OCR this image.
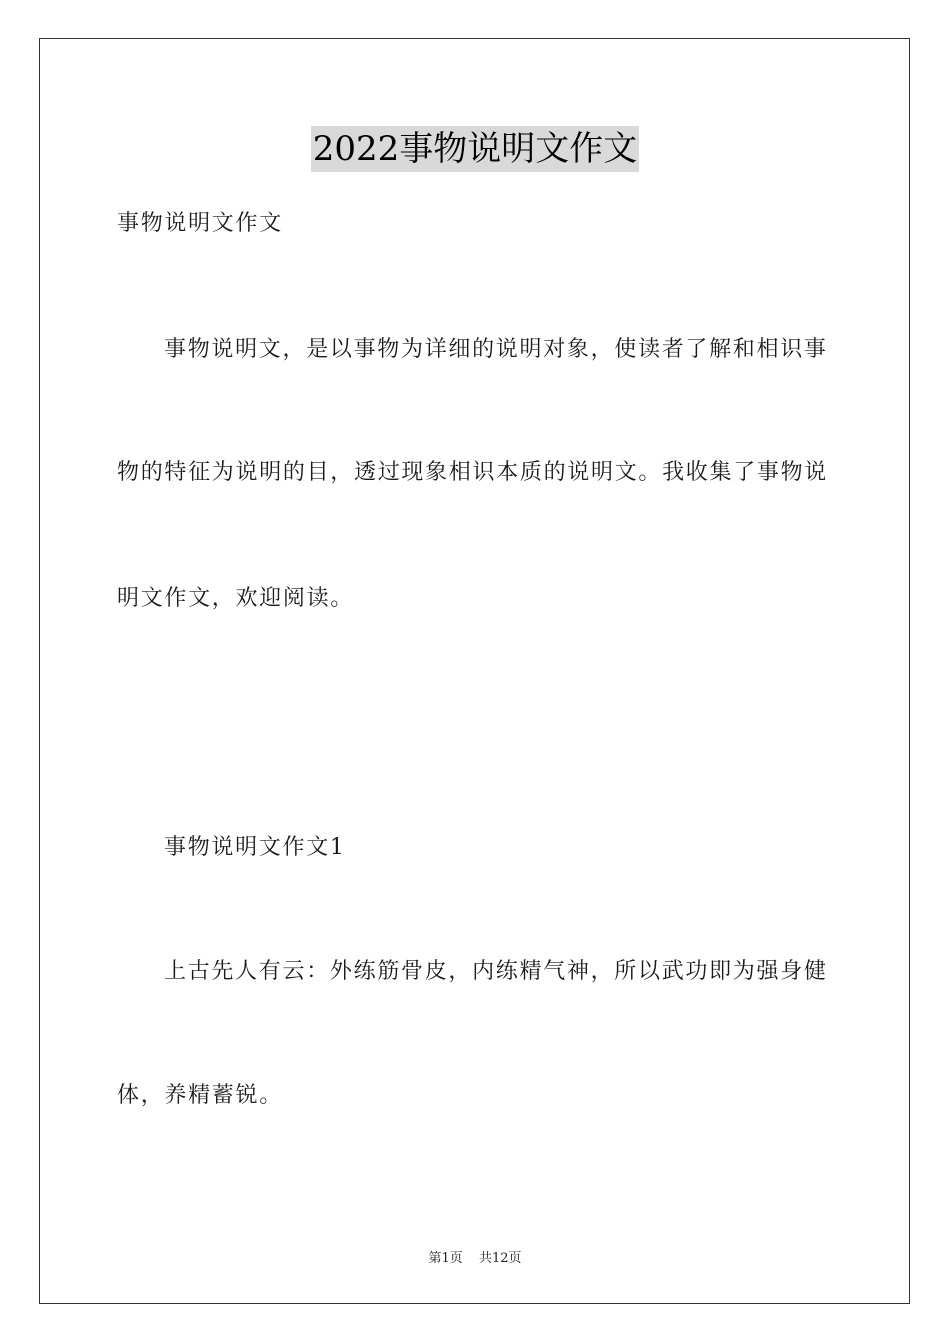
2022事物说明文作文
事物说明文作文
事物说明文，是以事物为详细的说明对象，使读者了解和相识事
物的特征为说明的目，透过现象相识本质的说明文。我收集了事物说
明文作文，欢迎阅读。
事物说明文作文1
上古先人有云：外练筋骨皮，内练精气神，所以武功即为强身健
体，养精蓄锐。
第1页 共12页
